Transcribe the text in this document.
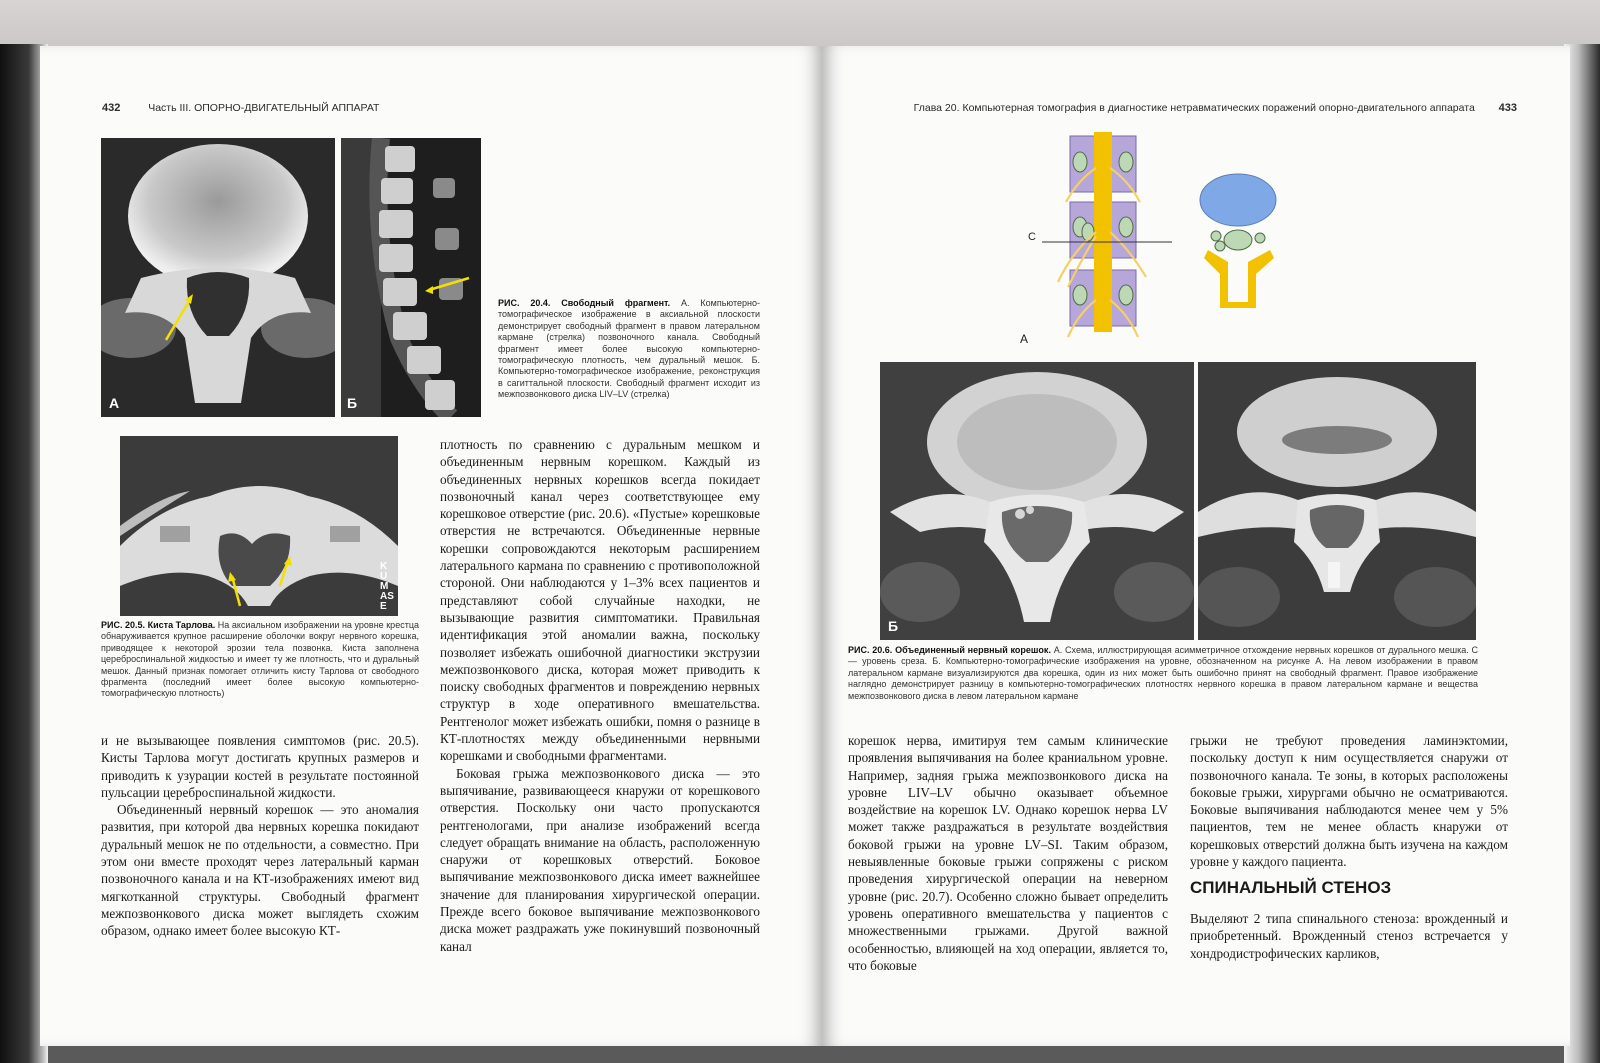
432	Часть III. ОПОРНО-ДВИГАТЕЛЬНЫЙ АППАРАТ
А	Б
РИС. 20.4. Свободный фрагмент. А. Компьютерно-томографическое изображение в аксиальной плоскости демонстрирует свободный фрагмент в правом латеральном кармане (стрелка) позвоночного канала. Свободный фрагмент имеет более высокую компьютерно-томографическую плотность, чем дуральный мешок. Б. Компьютерно-томографическое изображение, реконструкция в сагиттальной плоскости. Свободный фрагмент исходит из межпозвонкового диска LIV–LV (стрелка)
KUMASE
РИС. 20.5. Киста Тарлова. На аксиальном изображении на уровне крестца обнаруживается крупное расширение оболочки вокруг нервного корешка, приводящее к некоторой эрозии тела позвонка. Киста заполнена цереброспинальной жидкостью и имеет ту же плотность, что и дуральный мешок. Данный признак помогает отличить кисту Тарлова от свободного фрагмента (последний имеет более высокую компьютерно-томографическую плотность)

и не вызывающее появления симптомов (рис. 20.5). Кисты Тарлова могут достигать крупных размеров и приводить к узурации костей в результате постоянной пульсации цереброспинальной жидкости.

Объединенный нервный корешок — это аномалия развития, при которой два нервных корешка покидают дуральный мешок не по отдельности, а совместно. При этом они вместе проходят через латеральный карман позвоночного канала и на КТ-изображениях имеют вид мягкотканной структуры. Свободный фрагмент межпозвонкового диска может выглядеть схожим образом, однако имеет более высокую КТ-

плотность по сравнению с дуральным мешком и объединенным нервным корешком. Каждый из объединенных нервных корешков всегда покидает позвоночный канал через соответствующее ему корешковое отверстие (рис. 20.6). «Пустые» корешковые отверстия не встречаются. Объединенные нервные корешки сопровождаются некоторым расширением латерального кармана по сравнению с противоположной стороной. Они наблюдаются у 1–3% всех пациентов и представляют собой случайные находки, не вызывающие развития симптоматики. Правильная идентификация этой аномалии важна, поскольку позволяет избежать ошибочной диагностики экструзии межпозвонкового диска, которая может приводить к поиску свободных фрагментов и повреждению нервных структур в ходе оперативного вмешательства. Рентгенолог может избежать ошибки, помня о разнице в КТ-плотностях между объединенными нервными корешками и свободными фрагментами.

Боковая грыжа межпозвонкового диска — это выпячивание, развивающееся кнаружи от корешкового отверстия. Поскольку они часто пропускаются рентгенологами, при анализе изображений всегда следует обращать внимание на область, расположенную снаружи от корешковых отверстий. Боковое выпячивание межпозвонкового диска имеет важнейшее значение для планирования хирургической операции. Прежде всего боковое выпячивание межпозвонкового диска может раздражать уже покинувший позвоночный канал

Глава 20. Компьютерная томография в диагностике нетравматических поражений опорно-двигательного аппарата 433
C
А
Б
РИС. 20.6. Объединенный нервный корешок. А. Схема, иллюстрирующая асимметричное отхождение нервных корешков от дурального мешка. С — уровень среза. Б. Компьютерно-томографические изображения на уровне, обозначенном на рисунке А. На левом изображении в правом латеральном кармане визуализируются два корешка, один из них может быть ошибочно принят на свободный фрагмент. Правое изображение наглядно демонстрирует разницу в компьютерно-томографических плотностях нервного корешка в правом латеральном кармане и вещества межпозвонкового диска в левом латеральном кармане

корешок нерва, имитируя тем самым клинические проявления выпячивания на более краниальном уровне. Например, задняя грыжа межпозвонкового диска на уровне LIV–LV обычно оказывает объемное воздействие на корешок LV. Однако корешок нерва LV может также раздражаться в результате воздействия боковой грыжи на уровне LV–SI. Таким образом, невыявленные боковые грыжи сопряжены с риском проведения хирургической операции на неверном уровне (рис. 20.7). Особенно сложно бывает определить уровень оперативного вмешательства у пациентов с множественными грыжами. Другой важной особенностью, влияющей на ход операции, является то, что боковые

грыжи не требуют проведения ламинэктомии, поскольку доступ к ним осуществляется снаружи от позвоночного канала. Те зоны, в которых расположены боковые грыжи, хирургами обычно не осматриваются. Боковые выпячивания наблюдаются менее чем у 5% пациентов, тем не менее область кнаружи от корешковых отверстий должна быть изучена на каждом уровне у каждого пациента.

СПИНАЛЬНЫЙ СТЕНОЗ

Выделяют 2 типа спинального стеноза: врожденный и приобретенный. Врожденный стеноз встречается у хондродистрофических карликов,
